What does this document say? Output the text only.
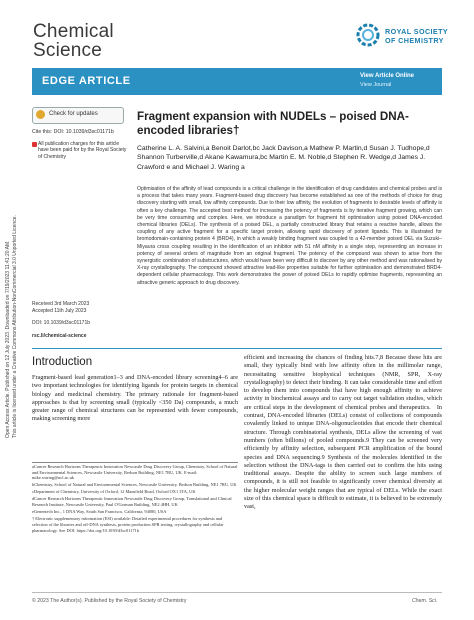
Chemical
Science
ROYAL SOCIETY
OF CHEMISTRY
EDGE ARTICLE	View Article Online
View Journal
Open Access Article. Published on 12 July 2023. Downloaded on 7/19/2023 11:41:20 AM. This article is licensed under a Creative Commons Attribution-NonCommercial 3.0 Unported Licence.
Check for updates
Cite this: DOI: 10.1039/d3sc01171b
All publication charges for this article have been paid for by the Royal Society of Chemistry
Received 3rd March 2023
Accepted 11th July 2023
DOI: 10.1039/d3sc01171b
rsc.li/chemical-science
Fragment expansion with NUDELs – poised DNA-encoded libraries†
Catherine L. A. Salvini,a Benoit Darlot,bc Jack Davison,a Mathew P. Martin,d Susan J. Tudhope,d Shannon Turberville,d Akane Kawamura,bc Martin E. M. Noble,d Stephen R. Wedge,d James J. Crawford e and Michael J. Waring a
Optimisation of the affinity of lead compounds is a critical challenge in the identification of drug candidates and chemical probes and is a process that takes many years. Fragment-based drug discovery has become established as one of the methods of choice for drug discovery starting with small, low affinity compounds. Due to their low affinity, the evolution of fragments to desirable levels of affinity is often a key challenge. The accepted best method for increasing the potency of fragments is by iterative fragment growing, which can be very time consuming and complex. Here, we introduce a paradigm for fragment hit optimisation using poised DNA-encoded chemical libraries (DELs). The synthesis of a poised DEL, a partially constructed library that retains a reactive handle, allows the coupling of any active fragment for a specific target protein, allowing rapid discovery of potent ligands. This is illustrated for bromodomain-containing protein 4 (BRD4), in which a weakly binding fragment was coupled to a 42-member poised DEL via Suzuki–Miyaura cross coupling resulting in the identification of an inhibitor with 51 nM affinity in a single step, representing an increase in potency of several orders of magnitude from an original fragment. The potency of the compound was shown to arise from the synergistic combination of substructures, which would have been very difficult to discover by any other method and was rationalised by X-ray crystallography. The compound showed attractive lead-like properties suitable for further optimisation and demonstrated BRD4-dependent cellular pharmacology. This work demonstrates the power of poised DELs to rapidly optimise fragments, representing an attractive generic approach to drug discovery.
Introduction
Fragment-based lead generation1–3 and DNA-encoded library screening4–6 are two important technologies for identifying ligands for protein targets in chemical biology and medicinal chemistry. The primary rationale for fragment-based approaches is that by screening small (typically <350 Da) compounds, a much greater range of chemical structures can be represented with fewer compounds, making screening more
efficient and increasing the chances of finding hits.7,8 Because these hits are small, they typically bind with low affinity often in the millimolar range, necessitating sensitive biophysical techniques (NMR, SPR, X-ray crystallography) to detect their binding. It can take considerable time and effort to develop them into compounds that have high enough affinity to achieve activity in biochemical assays and to carry out target validation studies, which are critical steps in the development of chemical probes and therapeutics. In contrast, DNA-encoded libraries (DELs) consist of collections of compounds covalently linked to unique DNA-oligonucleotides that encode their chemical structure. Through combinatorial synthesis, DELs allow the screening of vast numbers (often billions) of pooled compounds.9 They can be screened very efficiently by affinity selection, subsequent PCR amplification of the bound species and DNA sequencing.9 Synthesis of the molecules identified in the selection without the DNA-tags is then carried out to confirm the hits using traditional assays. Despite the ability to screen such large numbers of compounds, it is still not feasible to significantly cover chemical diversity at the higher molecular weight ranges that are typical of DELs. While the exact size of this chemical space is difficult to estimate, it is believed to be extremely vast,

aCancer Research Horizons Therapeutic Innovation Newcastle Drug Discovery Group, Chemistry, School of Natural and Environmental Sciences, Newcastle University, Bedson Building, NE1 7RU, UK. E-mail: mike.waring@ncl.ac.uk

bChemistry, School of Natural and Environmental Sciences, Newcastle University, Bedson Building, NE1 7RU, UK

cDepartment of Chemistry, University of Oxford, 12 Mansfield Road, Oxford OX1 3TA, UK

dCancer Research Horizons Therapeutic Innovation Newcastle Drug Discovery Group, Translational and Clinical Research Institute, Newcastle University, Paul O'Gorman Building, NE2 4HH, UK

eGenentech Inc., 1 DNA Way, South San Francisco, California, 94080, USA

† Electronic supplementary information (ESI) available: Detailed experimental procedures for synthesis and selection of the libraries and off-DNA synthesis, protein production SPR testing, crystallography and cellular pharmacology. See DOI: https://doi.org/10.1039/d3sc01171b

© 2023 The Author(s). Published by the Royal Society of Chemistry	Chem. Sci.
